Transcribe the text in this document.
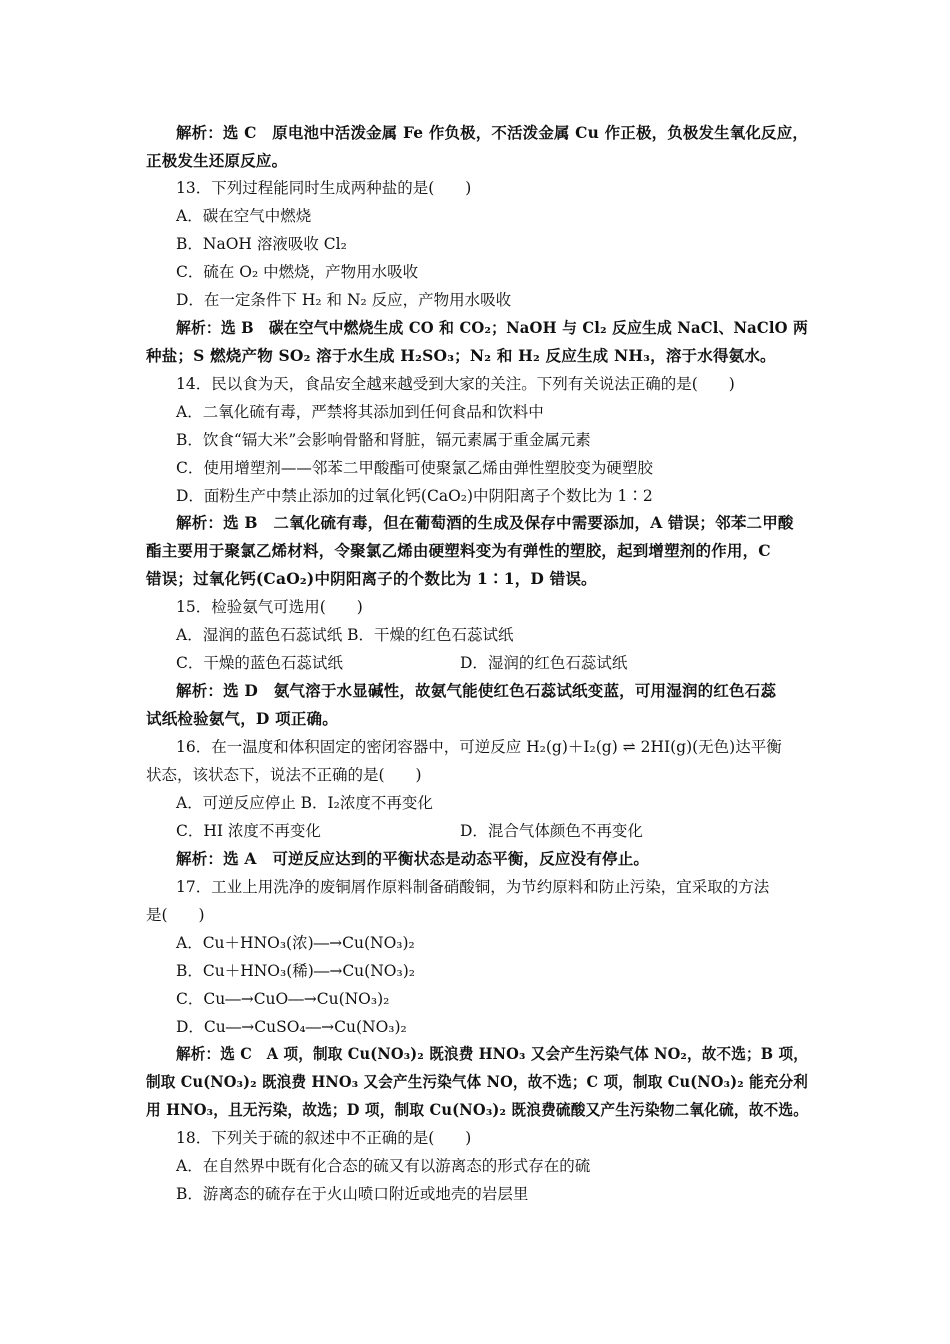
解析：选 C　原电池中活泼金属 Fe 作负极，不活泼金属 Cu 作正极，负极发生氧化反应，
正极发生还原反应。
13．下列过程能同时生成两种盐的是(　　)
A．碳在空气中燃烧
B．NaOH 溶液吸收 Cl₂
C．硫在 O₂ 中燃烧，产物用水吸收
D．在一定条件下 H₂ 和 N₂ 反应，产物用水吸收
解析：选 B　碳在空气中燃烧生成 CO 和 CO₂；NaOH 与 Cl₂ 反应生成 NaCl、NaClO 两
种盐；S 燃烧产物 SO₂ 溶于水生成 H₂SO₃；N₂ 和 H₂ 反应生成 NH₃，溶于水得氨水。
14．民以食为天，食品安全越来越受到大家的关注。下列有关说法正确的是(　　)
A．二氧化硫有毒，严禁将其添加到任何食品和饮料中
B．饮食“镉大米”会影响骨骼和肾脏，镉元素属于重金属元素
C．使用增塑剂——邻苯二甲酸酯可使聚氯乙烯由弹性塑胶变为硬塑胶
D．面粉生产中禁止添加的过氧化钙(CaO₂)中阴阳离子个数比为 1∶2
解析：选 B　二氧化硫有毒，但在葡萄酒的生成及保存中需要添加，A 错误；邻苯二甲酸
酯主要用于聚氯乙烯材料，令聚氯乙烯由硬塑料变为有弹性的塑胶，起到增塑剂的作用，C
错误；过氧化钙(CaO₂)中阴阳离子的个数比为 1∶1，D 错误。
15．检验氨气可选用(　　)
A．湿润的蓝色石蕊试纸 B．干燥的红色石蕊试纸
C．干燥的蓝色石蕊试纸	D．湿润的红色石蕊试纸
解析：选 D　氨气溶于水显碱性，故氨气能使红色石蕊试纸变蓝，可用湿润的红色石蕊
试纸检验氨气，D 项正确。
16．在一温度和体积固定的密闭容器中，可逆反应 H₂(g)＋I₂(g) ⇌ 2HI(g)(无色)达平衡
状态，该状态下，说法不正确的是(　　)
A．可逆反应停止 B．I₂浓度不再变化
C．HI 浓度不再变化	D．混合气体颜色不再变化
解析：选 A　可逆反应达到的平衡状态是动态平衡，反应没有停止。
17．工业上用洗净的废铜屑作原料制备硝酸铜，为节约原料和防止污染，宜采取的方法
是(　　)
A．Cu＋HNO₃(浓)―→Cu(NO₃)₂
B．Cu＋HNO₃(稀)―→Cu(NO₃)₂
C．Cu―→CuO―→Cu(NO₃)₂
D．Cu―→CuSO₄―→Cu(NO₃)₂
解析：选 C　A 项，制取 Cu(NO₃)₂ 既浪费 HNO₃ 又会产生污染气体 NO₂，故不选；B 项，
制取 Cu(NO₃)₂ 既浪费 HNO₃ 又会产生污染气体 NO，故不选；C 项，制取 Cu(NO₃)₂ 能充分利
用 HNO₃，且无污染，故选；D 项，制取 Cu(NO₃)₂ 既浪费硫酸又产生污染物二氧化硫，故不选。
18．下列关于硫的叙述中不正确的是(　　)
A．在自然界中既有化合态的硫又有以游离态的形式存在的硫
B．游离态的硫存在于火山喷口附近或地壳的岩层里
